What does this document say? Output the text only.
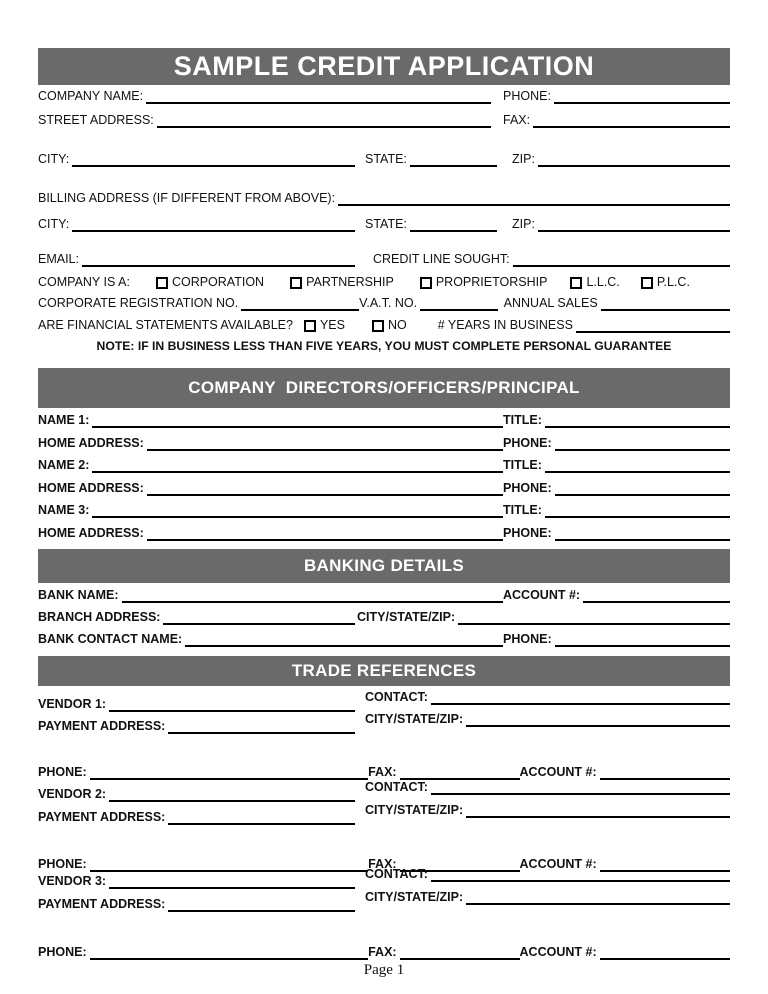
SAMPLE CREDIT APPLICATION
COMPANY NAME:	PHONE:
STREET ADDRESS:	FAX:
CITY:	STATE:	ZIP:
BILLING ADDRESS (IF DIFFERENT FROM ABOVE):
CITY:	STATE:	ZIP:
EMAIL:	CREDIT LINE SOUGHT:
COMPANY IS A:	CORPORATION	PARTNERSHIP	PROPRIETORSHIP	L.L.C.	P.L.C.
CORPORATE REGISTRATION NO.	V.A.T. NO.	ANNUAL SALES
ARE FINANCIAL STATEMENTS AVAILABLE? YES	NO # YEARS IN BUSINESS
NOTE: IF IN BUSINESS LESS THAN FIVE YEARS, YOU MUST COMPLETE PERSONAL GUARANTEE
COMPANY  DIRECTORS/OFFICERS/PRINCIPAL
NAME 1:	TITLE:
HOME ADDRESS:	PHONE:
NAME 2:	TITLE:
HOME ADDRESS:	PHONE:
NAME 3:	TITLE:
HOME ADDRESS:	PHONE:
BANKING DETAILS
BANK NAME:	ACCOUNT #:
BRANCH ADDRESS:	CITY/STATE/ZIP:
BANK CONTACT NAME:	PHONE:
TRADE REFERENCES
VENDOR 1:	CONTACT:
PAYMENT ADDRESS:	CITY/STATE/ZIP:
PHONE:	FAX:	ACCOUNT #:
VENDOR 2:	CONTACT:
PAYMENT ADDRESS:	CITY/STATE/ZIP:
PHONE:	FAX:	ACCOUNT #:
VENDOR 3:	CONTACT:
PAYMENT ADDRESS:	CITY/STATE/ZIP:
PHONE:	FAX:	ACCOUNT #:
Page 1
